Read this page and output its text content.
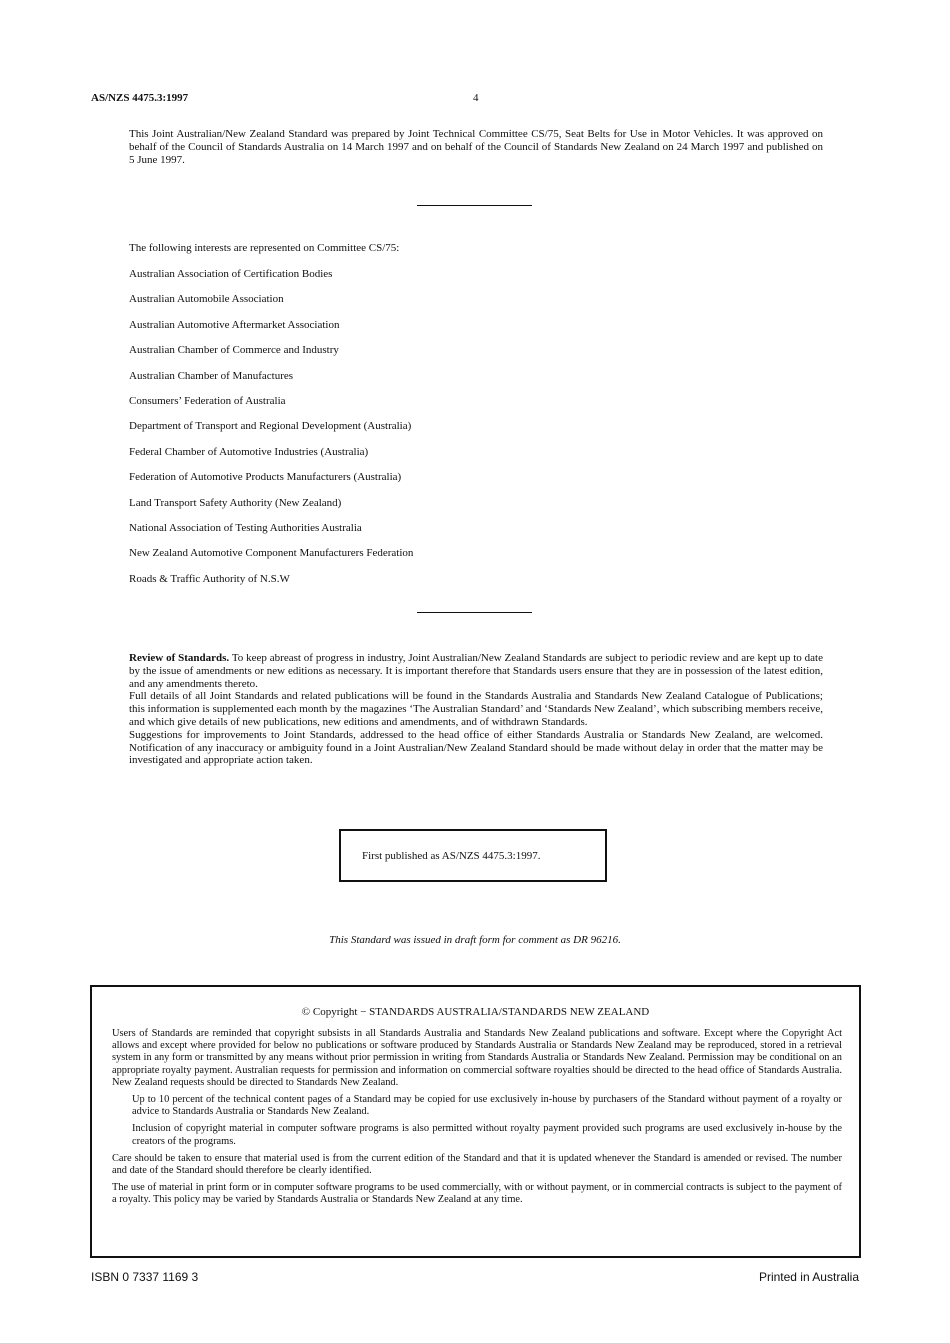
AS/NZS 4475.3:1997	4

This Joint Australian/New Zealand Standard was prepared by Joint Technical Committee CS/75, Seat Belts for Use in Motor Vehicles. It was approved on behalf of the Council of Standards Australia on 14 March 1997 and on behalf of the Council of Standards New Zealand on 24 March 1997 and published on 5 June 1997.

The following interests are represented on Committee CS/75:

Australian Association of Certification Bodies
Australian Automobile Association
Australian Automotive Aftermarket Association
Australian Chamber of Commerce and Industry
Australian Chamber of Manufactures
Consumers’ Federation of Australia
Department of Transport and Regional Development (Australia)
Federal Chamber of Automotive Industries (Australia)
Federation of Automotive Products Manufacturers (Australia)
Land Transport Safety Authority (New Zealand)
National Association of Testing Authorities Australia
New Zealand Automotive Component Manufacturers Federation
Roads & Traffic Authority of N.S.W

Review of Standards. To keep abreast of progress in industry, Joint Australian/New Zealand Standards are subject to periodic review and are kept up to date by the issue of amendments or new editions as necessary. It is important therefore that Standards users ensure that they are in possession of the latest edition, and any amendments thereto.

Full details of all Joint Standards and related publications will be found in the Standards Australia and Standards New Zealand Catalogue of Publications; this information is supplemented each month by the magazines ‘The Australian Standard’ and ‘Standards New Zealand’, which subscribing members receive, and which give details of new publications, new editions and amendments, and of withdrawn Standards.

Suggestions for improvements to Joint Standards, addressed to the head office of either Standards Australia or Standards New Zealand, are welcomed. Notification of any inaccuracy or ambiguity found in a Joint Australian/New Zealand Standard should be made without delay in order that the matter may be investigated and appropriate action taken.

First published as AS/NZS 4475.3:1997.

This Standard was issued in draft form for comment as DR 96216.

© Copyright − STANDARDS AUSTRALIA/STANDARDS NEW ZEALAND

Users of Standards are reminded that copyright subsists in all Standards Australia and Standards New Zealand publications and software. Except where the Copyright Act allows and except where provided for below no publications or software produced by Standards Australia or Standards New Zealand may be reproduced, stored in a retrieval system in any form or transmitted by any means without prior permission in writing from Standards Australia or Standards New Zealand. Permission may be conditional on an appropriate royalty payment. Australian requests for permission and information on commercial software royalties should be directed to the head office of Standards Australia. New Zealand requests should be directed to Standards New Zealand.

Up to 10 percent of the technical content pages of a Standard may be copied for use exclusively in-house by purchasers of the Standard without payment of a royalty or advice to Standards Australia or Standards New Zealand.

Inclusion of copyright material in computer software programs is also permitted without royalty payment provided such programs are used exclusively in-house by the creators of the programs.

Care should be taken to ensure that material used is from the current edition of the Standard and that it is updated whenever the Standard is amended or revised. The number and date of the Standard should therefore be clearly identified.

The use of material in print form or in computer software programs to be used commercially, with or without payment, or in commercial contracts is subject to the payment of a royalty. This policy may be varied by Standards Australia or Standards New Zealand at any time.

ISBN 0 7337 1169 3	Printed in Australia
